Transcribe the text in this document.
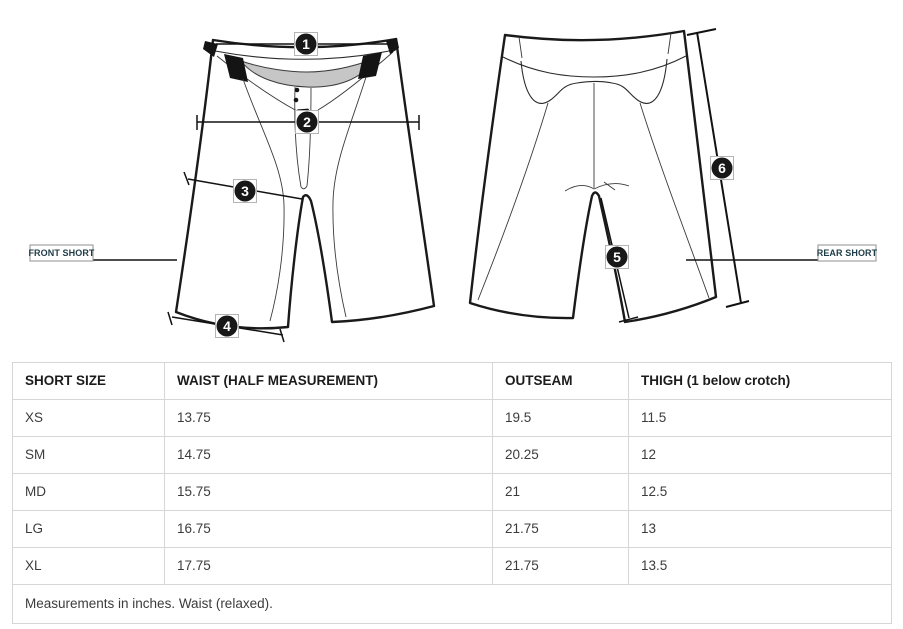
FRONT SHORT	REAR SHORT
1
2
3
4
5
6
SHORT SIZE	WAIST (HALF MEASUREMENT)	OUTSEAM	THIGH (1 below crotch)
XS	13.75	19.5	11.5
SM	14.75	20.25	12
MD	15.75	21	12.5
LG	16.75	21.75	13
XL	17.75	21.75	13.5
Measurements in inches. Waist (relaxed).			
